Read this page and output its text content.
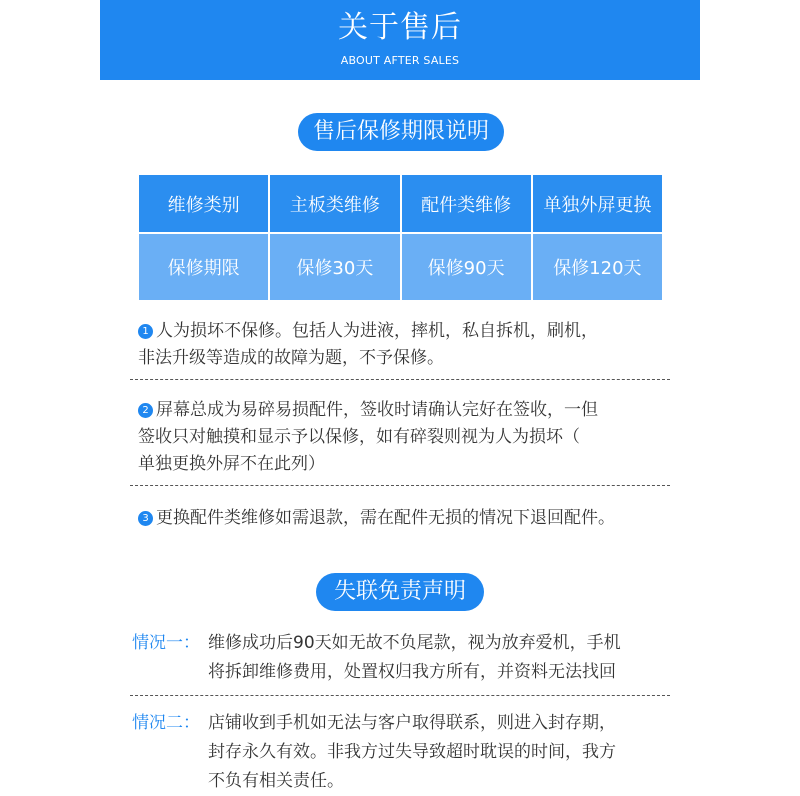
关于售后
ABOUT AFTER SALES
售后保修期限说明
维修类别	主板类维修	配件类维修	单独外屏更换
保修期限	保修30天	保修90天	保修120天
1 人为损坏不保修。包括人为进液，摔机，私自拆机，刷机，
非法升级等造成的故障为题，不予保修。
2 屏幕总成为易碎易损配件，签收时请确认完好在签收，一但
签收只对触摸和显示予以保修，如有碎裂则视为人为损坏（
单独更换外屏不在此列）
3 更换配件类维修如需退款，需在配件无损的情况下退回配件。
失联免责声明
情况一： 维修成功后90天如无故不负尾款，视为放弃爱机，手机
将拆卸维修费用，处置权归我方所有，并资料无法找回
情况二： 店铺收到手机如无法与客户取得联系，则进入封存期，
封存永久有效。非我方过失导致超时耽误的时间，我方
不负有相关责任。
